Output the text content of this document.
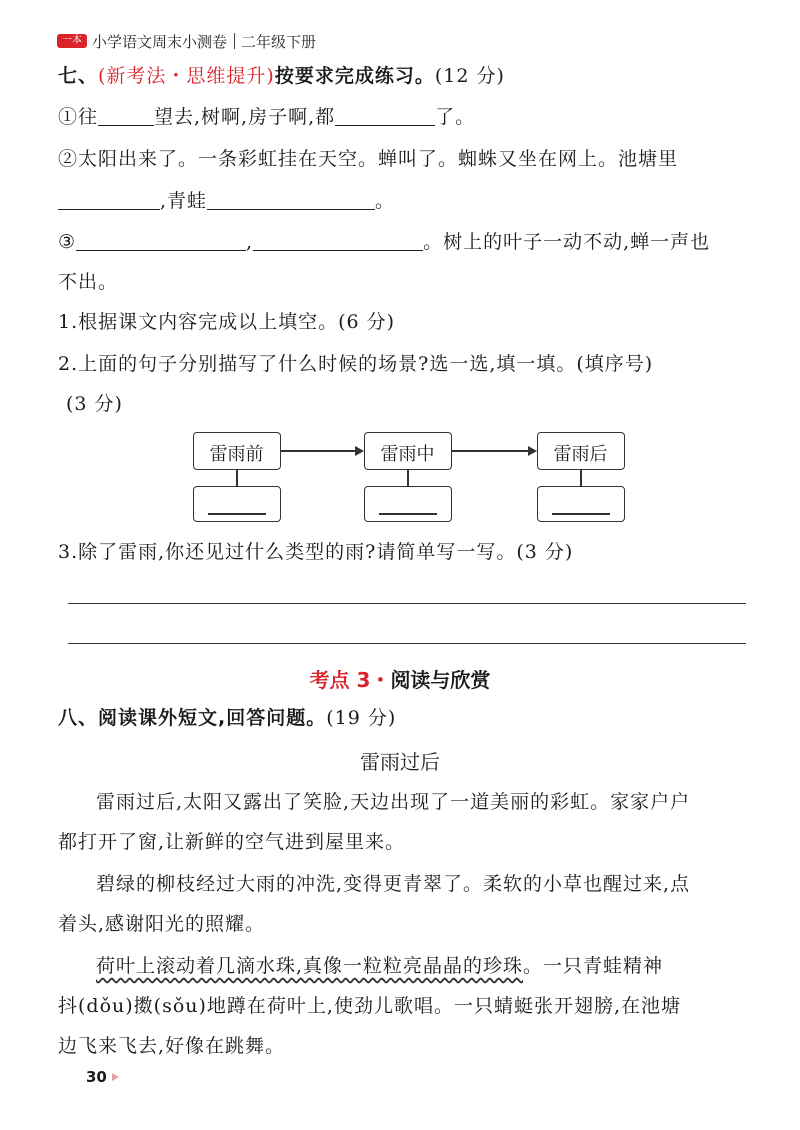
一本 小学语文周末小测卷 二年级下册
七、(新考法・思维提升)按要求完成练习。(12 分)
①往	望去,树啊,房子啊,都	了。
②太阳出来了。一条彩虹挂在天空。蝉叫了。蜘蛛又坐在网上。池塘里
,青蛙	。
③	,	。树上的叶子一动不动,蝉一声也
不出。
1.根据课文内容完成以上填空。(6 分)
2.上面的句子分别描写了什么时候的场景?选一选,填一填。(填序号)
(3 分)
雷雨前	雷雨中	雷雨后
3.除了雷雨,你还见过什么类型的雨?请简单写一写。(3 分)
考点 3・阅读与欣赏
八、阅读课外短文,回答问题。(19 分)
雷雨过后
雷雨过后,太阳又露出了笑脸,天边出现了一道美丽的彩虹。家家户户
都打开了窗,让新鲜的空气进到屋里来。
碧绿的柳枝经过大雨的冲洗,变得更青翠了。柔软的小草也醒过来,点
着头,感谢阳光的照耀。
荷叶上滚动着几滴水珠,真像一粒粒亮晶晶的珍珠。一只青蛙精神
抖(dǒu)擞(sǒu)地蹲在荷叶上,使劲儿歌唱。一只蜻蜓张开翅膀,在池塘
边飞来飞去,好像在跳舞。
30
